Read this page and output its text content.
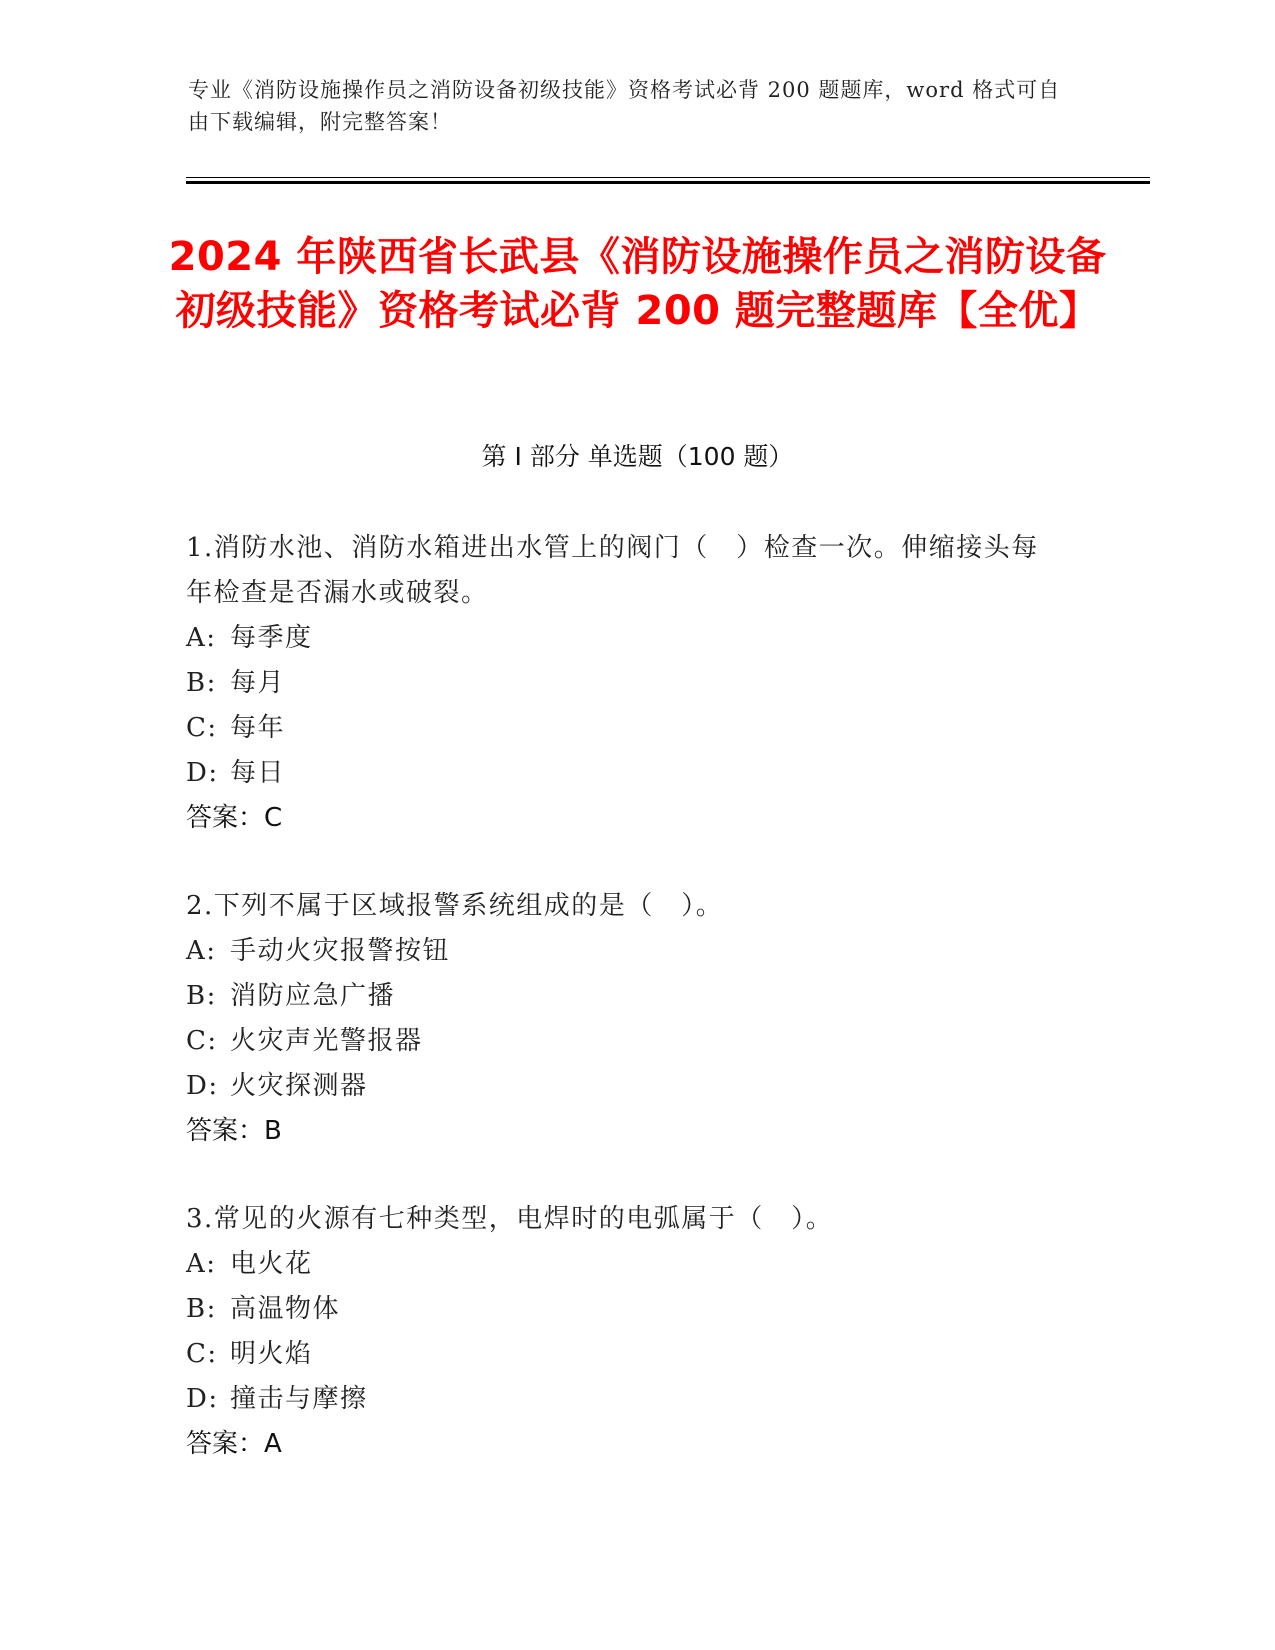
专业《消防设施操作员之消防设备初级技能》资格考试必背 200 题题库，word 格式可自由下载编辑，附完整答案！
2024 年陕西省长武县《消防设施操作员之消防设备初级技能》资格考试必背 200 题完整题库【全优】
第 I 部分 单选题（100 题）
1.消防水池、消防水箱进出水管上的阀门（　）检查一次。伸缩接头每年检查是否漏水或破裂。
A: 每季度
B: 每月
C: 每年
D: 每日
答案：C
2.下列不属于区域报警系统组成的是（　）。
A: 手动火灾报警按钮
B: 消防应急广播
C: 火灾声光警报器
D: 火灾探测器
答案：B
3.常见的火源有七种类型，电焊时的电弧属于（　）。
A: 电火花
B: 高温物体
C: 明火焰
D: 撞击与摩擦
答案：A
